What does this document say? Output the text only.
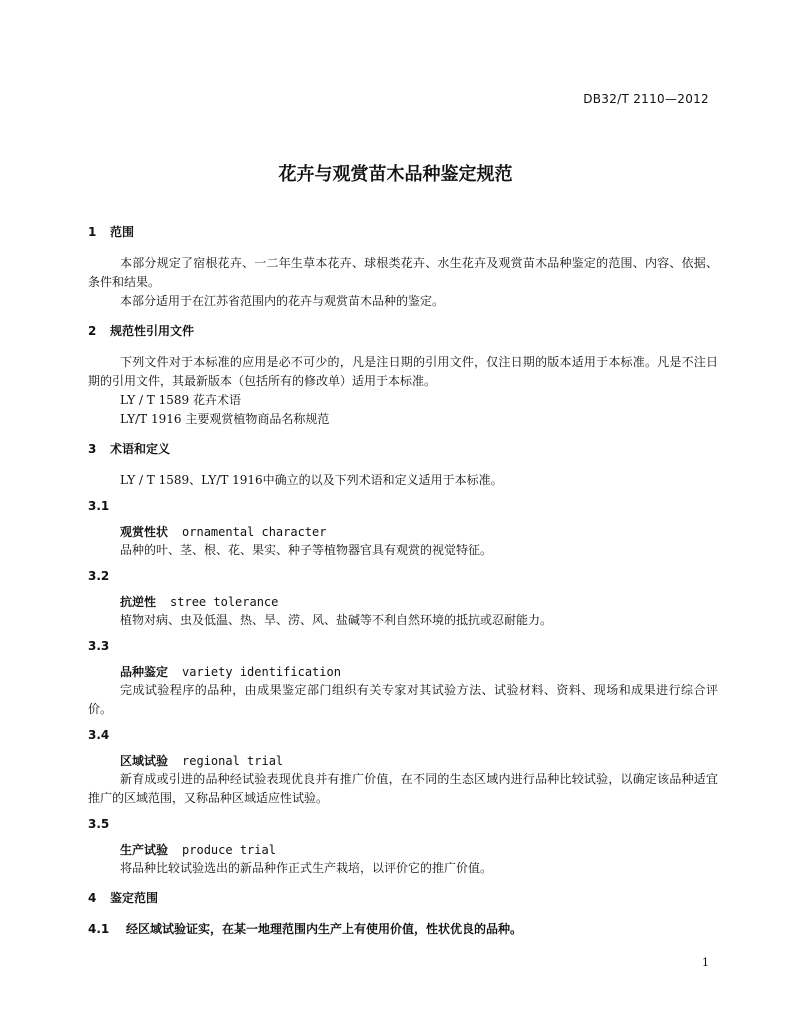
DB32/T 2110—2012
花卉与观赏苗木品种鉴定规范
1 范围

本部分规定了宿根花卉、一二年生草本花卉、球根类花卉、水生花卉及观赏苗木品种鉴定的范围、内容、依据、条件和结果。

本部分适用于在江苏省范围内的花卉与观赏苗木品种的鉴定。

2 规范性引用文件

下列文件对于本标准的应用是必不可少的，凡是注日期的引用文件，仅注日期的版本适用于本标准。凡是不注日期的引用文件，其最新版本（包括所有的修改单）适用于本标准。

LY / T 1589 花卉术语

LY/T 1916 主要观赏植物商品名称规范

3 术语和定义

LY / T 1589、LY/T 1916中确立的以及下列术语和定义适用于本标准。

3.1
观赏性状 ornamental character

品种的叶、茎、根、花、果实、种子等植物器官具有观赏的视觉特征。

3.2
抗逆性 stree tolerance

植物对病、虫及低温、热、旱、涝、风、盐碱等不利自然环境的抵抗或忍耐能力。

3.3
品种鉴定 variety identification

完成试验程序的品种，由成果鉴定部门组织有关专家对其试验方法、试验材料、资料、现场和成果进行综合评价。

3.4
区域试验 regional trial

新育成或引进的品种经试验表现优良并有推广价值，在不同的生态区域内进行品种比较试验，以确定该品种适宜推广的区域范围，又称品种区域适应性试验。

3.5
生产试验 produce trial

将品种比较试验选出的新品种作正式生产栽培，以评价它的推广价值。

4 鉴定范围

4.1 经区域试验证实，在某一地理范围内生产上有使用价值，性状优良的品种。

1
